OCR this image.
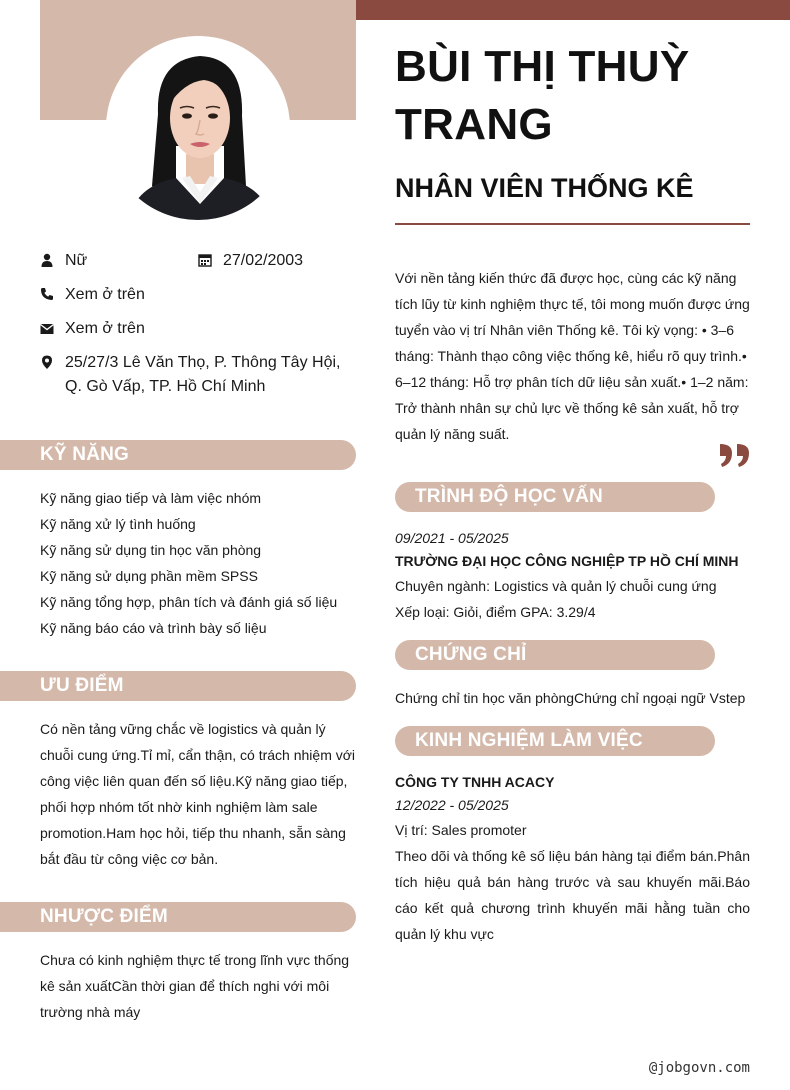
BÙI THỊ THUỲ TRANG
NHÂN VIÊN THỐNG KÊ
Nữ	27/02/2003
Xem ở trên
Xem ở trên
25/27/3 Lê Văn Thọ, P. Thông Tây Hội, Q. Gò Vấp, TP. Hồ Chí Minh
KỸ NĂNG
Kỹ năng giao tiếp và làm việc nhóm
Kỹ năng xử lý tình huống
Kỹ năng sử dụng tin học văn phòng
Kỹ năng sử dụng phần mềm SPSS
Kỹ năng tổng hợp, phân tích và đánh giá số liệu
Kỹ năng báo cáo và trình bày số liệu
ƯU ĐIỂM

Có nền tảng vững chắc về logistics và quản lý chuỗi cung ứng.Tỉ mỉ, cẩn thận, có trách nhiệm với công việc liên quan đến số liệu.Kỹ năng giao tiếp, phối hợp nhóm tốt nhờ kinh nghiệm làm sale promotion.Ham học hỏi, tiếp thu nhanh, sẵn sàng bắt đầu từ công việc cơ bản.

NHƯỢC ĐIỂM

Chưa có kinh nghiệm thực tế trong lĩnh vực thống kê sản xuấtCần thời gian để thích nghi với môi trường nhà máy

Với nền tảng kiến thức đã được học, cùng các kỹ năng tích lũy từ kinh nghiệm thực tế, tôi mong muốn được ứng tuyển vào vị trí Nhân viên Thống kê. Tôi kỳ vọng: • 3–6 tháng: Thành thạo công việc thống kê, hiểu rõ quy trình.• 6–12 tháng: Hỗ trợ phân tích dữ liệu sản xuất.• 1–2 năm: Trở thành nhân sự chủ lực về thống kê sản xuất, hỗ trợ quản lý năng suất.

TRÌNH ĐỘ HỌC VẤN
09/2021 - 05/2025
TRƯỜNG ĐẠI HỌC CÔNG NGHIỆP TP HỒ CHÍ MINH
Chuyên ngành: Logistics và quản lý chuỗi cung ứng
Xếp loại: Giỏi, điểm GPA: 3.29/4
CHỨNG CHỈ
Chứng chỉ tin học văn phòngChứng chỉ ngoại ngữ Vstep
KINH NGHIỆM LÀM VIỆC
CÔNG TY TNHH ACACY
12/2022 - 05/2025
Vị trí: Sales promoter

Theo dõi và thống kê số liệu bán hàng tại điểm bán.Phân tích hiệu quả bán hàng trước và sau khuyến mãi.Báo cáo kết quả chương trình khuyến mãi hằng tuần cho quản lý khu vực

@jobgovn.com
